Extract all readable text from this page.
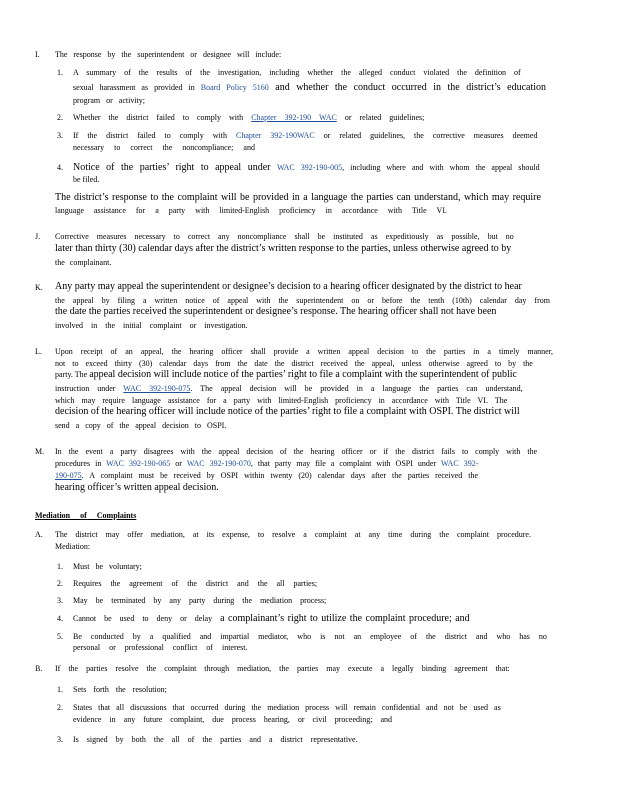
I. The response by the superintendent or designee will include:
1. A summary of the results of the investigation, including whether the alleged conduct violated the definition of
sexual harassment as provided in Board Policy 5160 and whether the conduct occurred in the district’s education
program or activity;
2. Whether the district failed to comply with Chapter 392-190 WAC or related guidelines;
3. If the district failed to comply with Chapter 392-190WAC or related guidelines, the corrective measures deemed
necessary to correct the noncompliance; and
4. Notice of the parties’ right to appeal under WAC 392-190-005, including where and with whom the appeal should
be filed.
The district’s response to the complaint will be provided in a language the parties can understand, which may require
language assistance for a party with limited-English proficiency in accordance with Title VI.
J. Corrective measures necessary to correct any noncompliance shall be instituted as expeditiously as possible, but no
later than thirty (30) calendar days after the district’s written response to the parties, unless otherwise agreed to by
the complainant.
K. Any party may appeal the superintendent or designee’s decision to a hearing officer designated by the district to hear
the appeal by filing a written notice of appeal with the superintendent on or before the tenth (10th) calendar day from
the date the parties received the superintendent or designee’s response. The hearing officer shall not have been
involved in the initial complaint or investigation.
L. Upon receipt of an appeal, the hearing officer shall provide a written appeal decision to the parties in a timely manner,
not to exceed thirty (30) calendar days from the date the district received the appeal, unless otherwise agreed to by the
party. The appeal decision will include notice of the parties’ right to file a complaint with the superintendent of public
instruction under WAC 392-190-075. The appeal decision will be provided in a language the parties can understand,
which may require language assistance for a party with limited-English proficiency in accordance with Title VI. The
decision of the hearing officer will include notice of the parties’ right to file a complaint with OSPI. The district will
send a copy of the appeal decision to OSPI.
M. In the event a party disagrees with the appeal decision of the hearing officer or if the district fails to comply with the
procedures in WAC 392-190-065 or WAC 392-190-070, that party may file a complaint with OSPI under WAC 392-
190-075. A complaint must be received by OSPI within twenty (20) calendar days after the parties received the
hearing officer’s written appeal decision.
Mediation of Complaints
A. The district may offer mediation, at its expense, to resolve a complaint at any time during the complaint procedure.
Mediation:
1. Must be voluntary;
2. Requires the agreement of the district and the all parties;
3. May be terminated by any party during the mediation process;
4. Cannot be used to deny or delay a complainant’s right to utilize the complaint procedure; and
5. Be conducted by a qualified and impartial mediator, who is not an employee of the district and who has no
personal or professional conflict of interest.
B. If the parties resolve the complaint through mediation, the parties may execute a legally binding agreement that:
1. Sets forth the resolution;
2. States that all discussions that occurred during the mediation process will remain confidential and not be used as
evidence in any future complaint, due process hearing, or civil proceeding; and
3. Is signed by both the all of the parties and a district representative.
